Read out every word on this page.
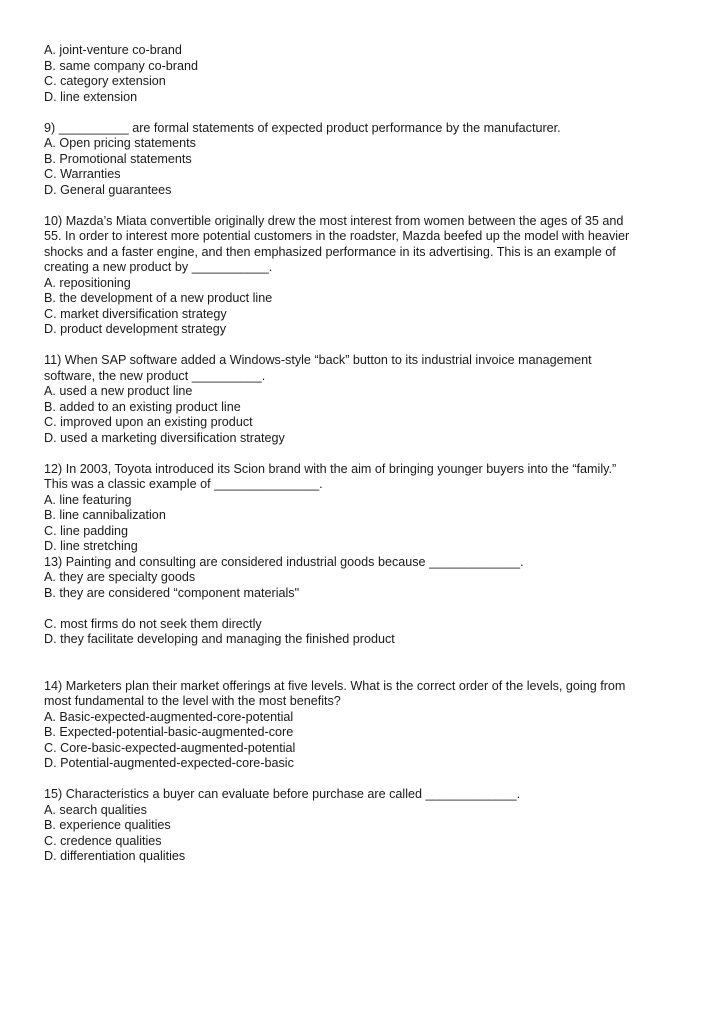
A. joint-venture co-brand
B. same company co-brand
C. category extension
D. line extension
9) __________ are formal statements of expected product performance by the manufacturer.
A. Open pricing statements
B. Promotional statements
C. Warranties
D. General guarantees
10) Mazda’s Miata convertible originally drew the most interest from women between the ages of 35 and
55. In order to interest more potential customers in the roadster, Mazda beefed up the model with heavier
shocks and a faster engine, and then emphasized performance in its advertising. This is an example of
creating a new product by ___________.
A. repositioning
B. the development of a new product line
C. market diversification strategy
D. product development strategy
11) When SAP software added a Windows-style “back” button to its industrial invoice management
software, the new product __________.
A. used a new product line
B. added to an existing product line
C. improved upon an existing product
D. used a marketing diversification strategy
12) In 2003, Toyota introduced its Scion brand with the aim of bringing younger buyers into the “family.”
This was a classic example of _______________.
A. line featuring
B. line cannibalization
C. line padding
D. line stretching
13) Painting and consulting are considered industrial goods because _____________.
A. they are specialty goods
B. they are considered “component materials"
C. most firms do not seek them directly
D. they facilitate developing and managing the finished product
14) Marketers plan their market offerings at five levels. What is the correct order of the levels, going from
most fundamental to the level with the most benefits?
A. Basic-expected-augmented-core-potential
B. Expected-potential-basic-augmented-core
C. Core-basic-expected-augmented-potential
D. Potential-augmented-expected-core-basic
15) Characteristics a buyer can evaluate before purchase are called _____________.
A. search qualities
B. experience qualities
C. credence qualities
D. differentiation qualities
